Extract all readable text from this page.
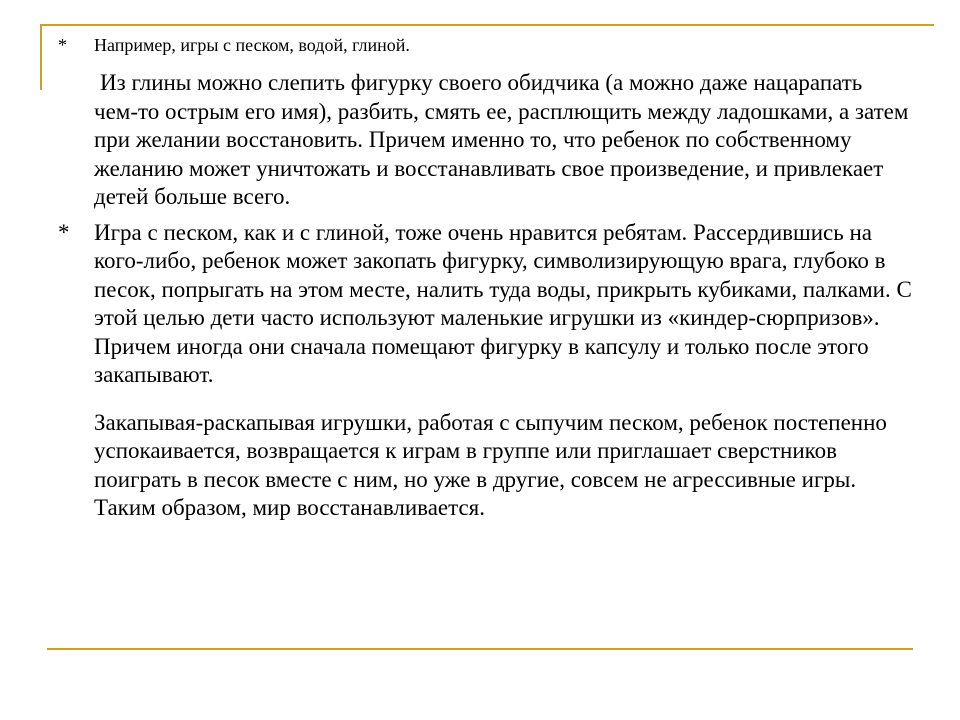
* Например, игры с песком, водой, глиной.
Из глины можно слепить фигурку своего обидчика (а можно даже нацарапать чем-то острым его имя), разбить, смять ее, расплющить между ладошками, а затем при желании восстановить. Причем именно то, что ребенок по собственному желанию может уничтожать и восстанавливать свое произведение, и привлекает детей больше всего.
* Игра с песком, как и с глиной, тоже очень нравится ребятам. Рассердившись на кого-либо, ребенок может закопать фигурку, символизирующую врага, глубоко в песок, попрыгать на этом месте, налить туда воды, прикрыть кубиками, палками. С этой целью дети часто используют маленькие игрушки из «киндер-сюрпризов». Причем иногда они сначала помещают фигурку в капсулу и только после этого закапывают.
Закапывая-раскапывая игрушки, работая с сыпучим песком, ребенок постепенно успокаивается, возвращается к играм в группе или приглашает сверстников поиграть в песок вместе с ним, но уже в другие, совсем не агрессивные игры. Таким образом, мир восстанавливается.
